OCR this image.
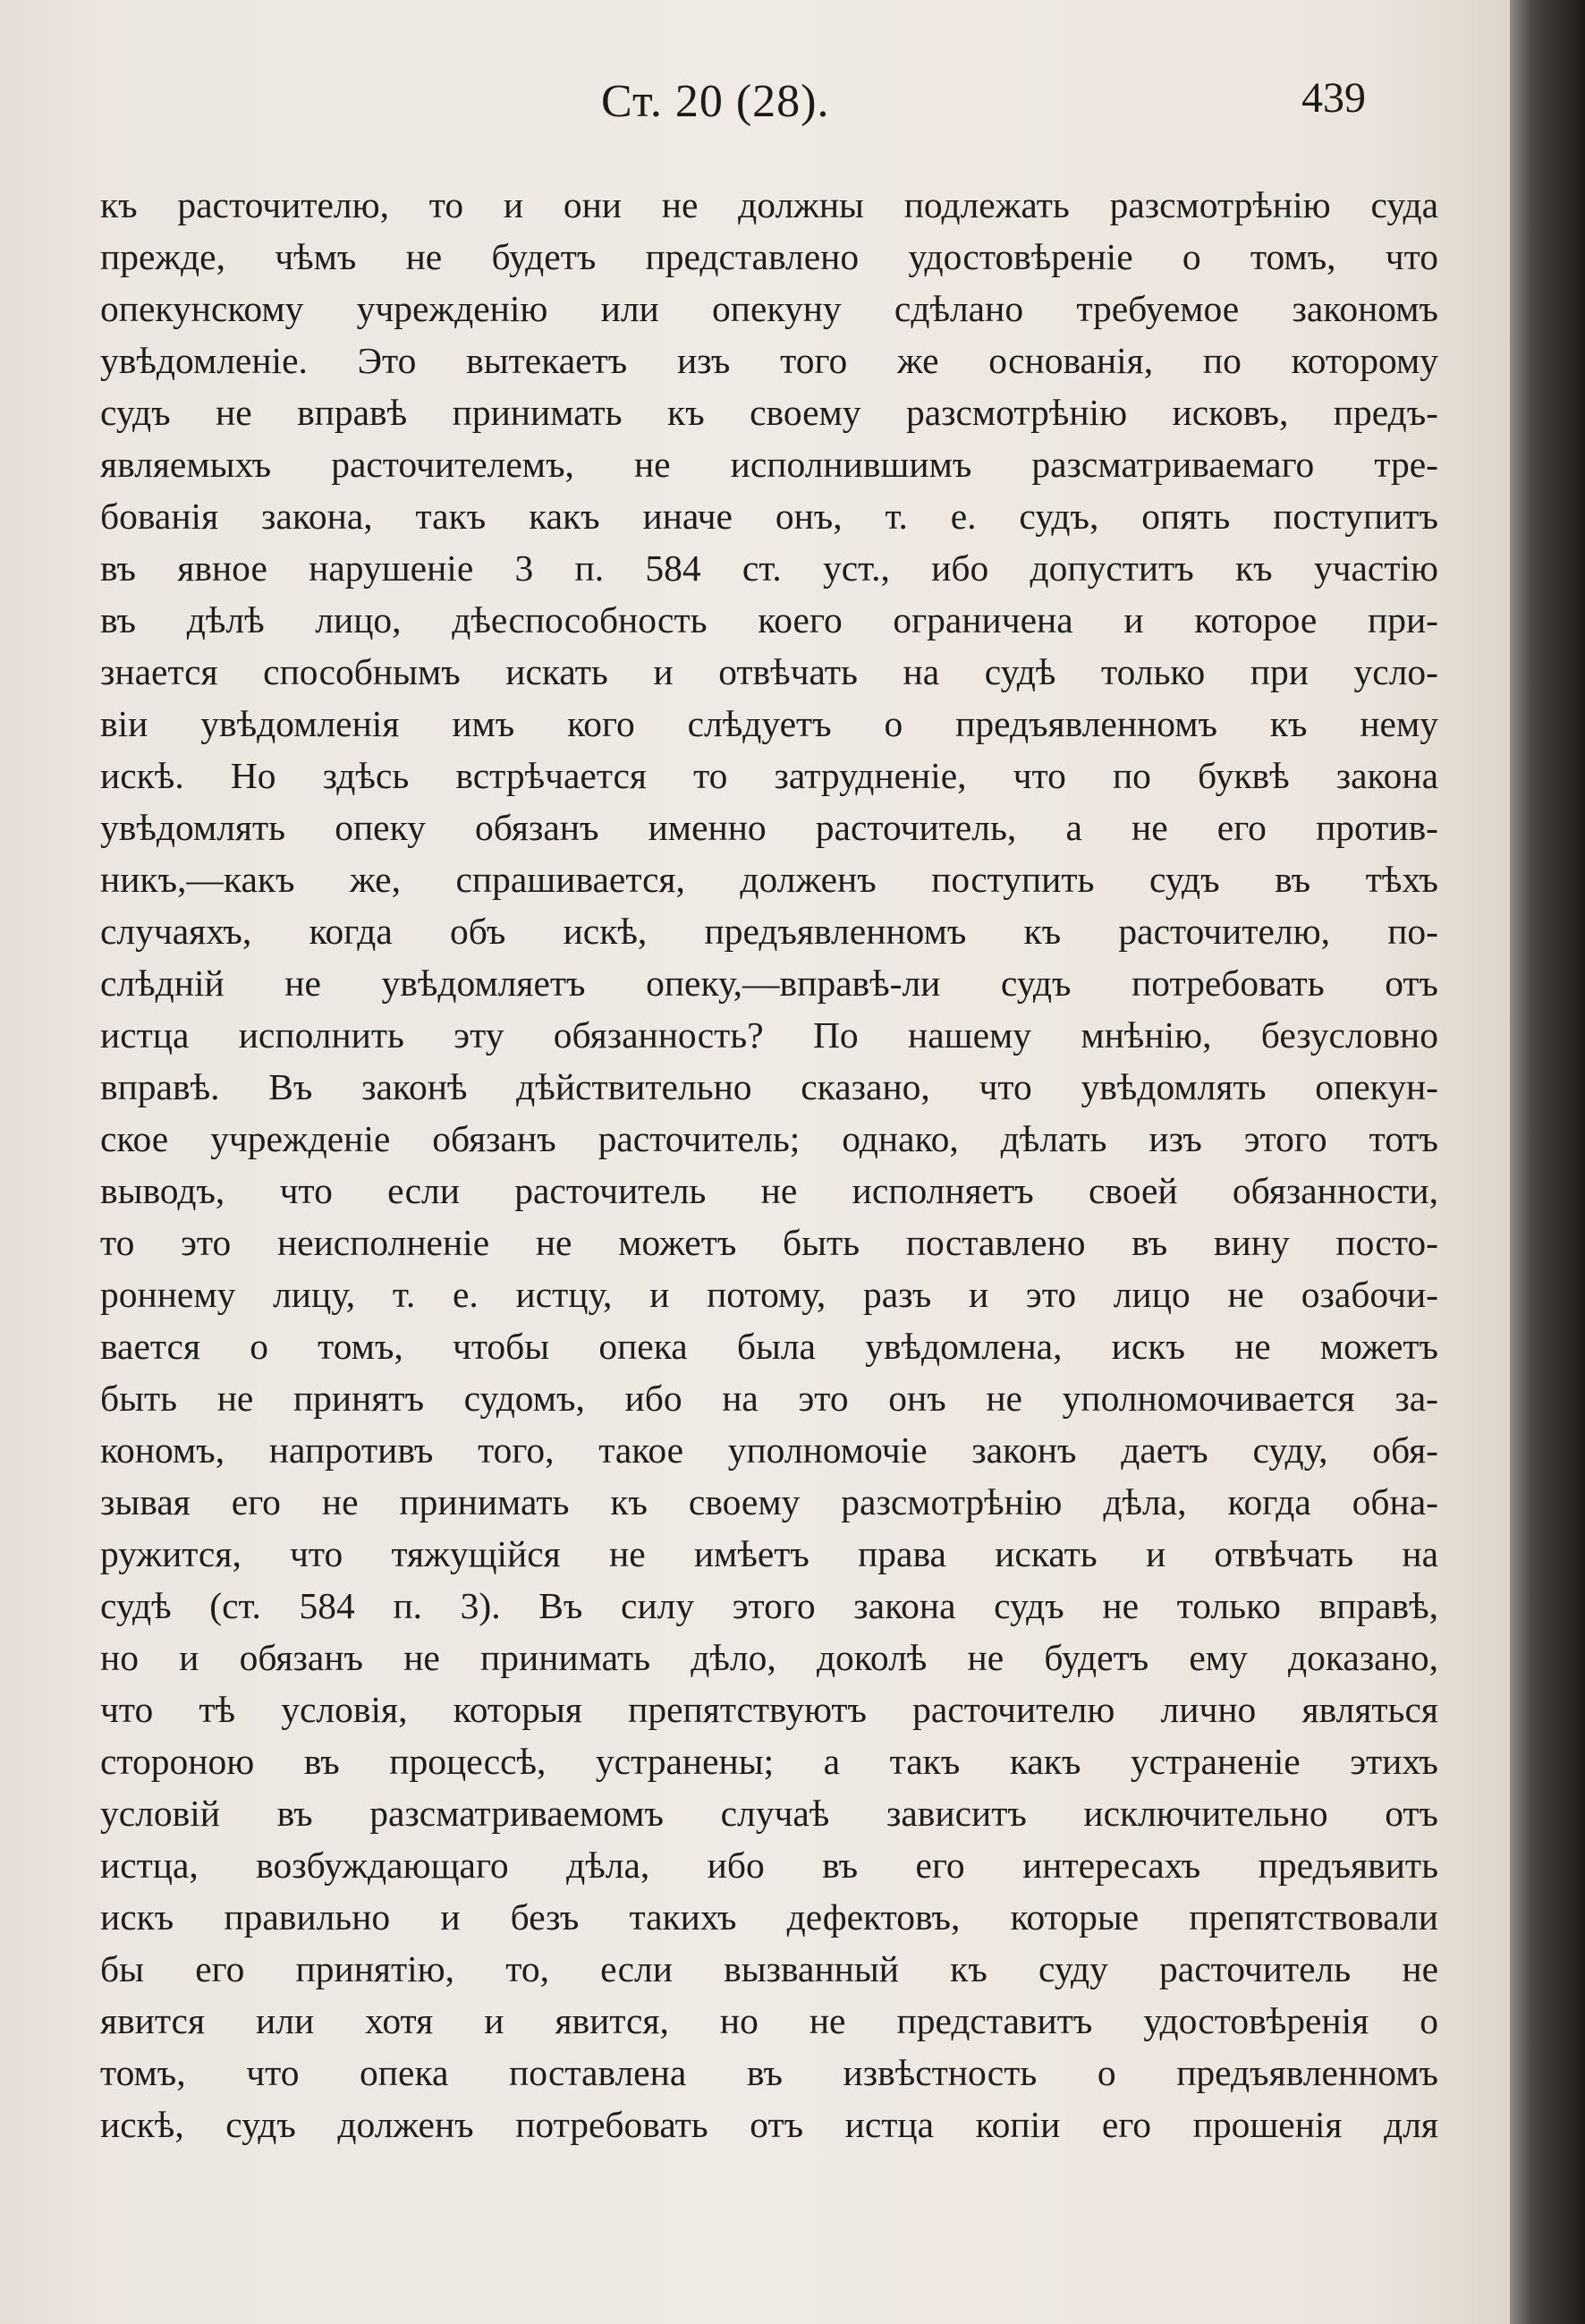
Ст. 20 (28).	439
къ расточителю, то и они не должны подлежать разсмотрѣнію суда
прежде, чѣмъ не будетъ представлено удостовѣреніе о томъ, что
опекунскому учрежденію или опекуну сдѣлано требуемое закономъ
увѣдомленіе. Это вытекаетъ изъ того же основанія, по которому
судъ не вправѣ принимать къ своему разсмотрѣнію исковъ, предъ-
являемыхъ расточителемъ, не исполнившимъ разсматриваемаго тре-
бованія закона, такъ какъ иначе онъ, т. е. судъ, опять поступитъ
въ явное нарушеніе 3 п. 584 ст. уст., ибо допуститъ къ участію
въ дѣлѣ лицо, дѣеспособность коего ограничена и которое при-
знается способнымъ искать и отвѣчать на судѣ только при усло-
віи увѣдомленія имъ кого слѣдуетъ о предъявленномъ къ нему
искѣ. Но здѣсь встрѣчается то затрудненіе, что по буквѣ закона
увѣдомлять опеку обязанъ именно расточитель, а не его против-
никъ,—какъ же, спрашивается, долженъ поступить судъ въ тѣхъ
случаяхъ, когда объ искѣ, предъявленномъ къ расточителю, по-
слѣдній не увѣдомляетъ опеку,—вправѣ-ли судъ потребовать отъ
истца исполнить эту обязанность? По нашему мнѣнію, безусловно
вправѣ. Въ законѣ дѣйствительно сказано, что увѣдомлять опекун-
ское учрежденіе обязанъ расточитель; однако, дѣлать изъ этого тотъ
выводъ, что если расточитель не исполняетъ своей обязанности,
то это неисполненіе не можетъ быть поставлено въ вину посто-
роннему лицу, т. е. истцу, и потому, разъ и это лицо не озабочи-
вается о томъ, чтобы опека была увѣдомлена, искъ не можетъ
быть не принятъ судомъ, ибо на это онъ не уполномочивается за-
кономъ, напротивъ того, такое уполномочіе законъ даетъ суду, обя-
зывая его не принимать къ своему разсмотрѣнію дѣла, когда обна-
ружится, что тяжущійся не имѣетъ права искать и отвѣчать на
судѣ (ст. 584 п. 3). Въ силу этого закона судъ не только вправѣ,
но и обязанъ не принимать дѣло, доколѣ не будетъ ему доказано,
что тѣ условія, которыя препятствуютъ расточителю лично являться
стороною въ процессѣ, устранены; а такъ какъ устраненіе этихъ
условій въ разсматриваемомъ случаѣ зависитъ исключительно отъ
истца, возбуждающаго дѣла, ибо въ его интересахъ предъявить
искъ правильно и безъ такихъ дефектовъ, которые препятствовали
бы его принятію, то, если вызванный къ суду расточитель не
явится или хотя и явится, но не представитъ удостовѣренія о
томъ, что опека поставлена въ извѣстность о предъявленномъ
искѣ, судъ долженъ потребовать отъ истца копіи его прошенія для
